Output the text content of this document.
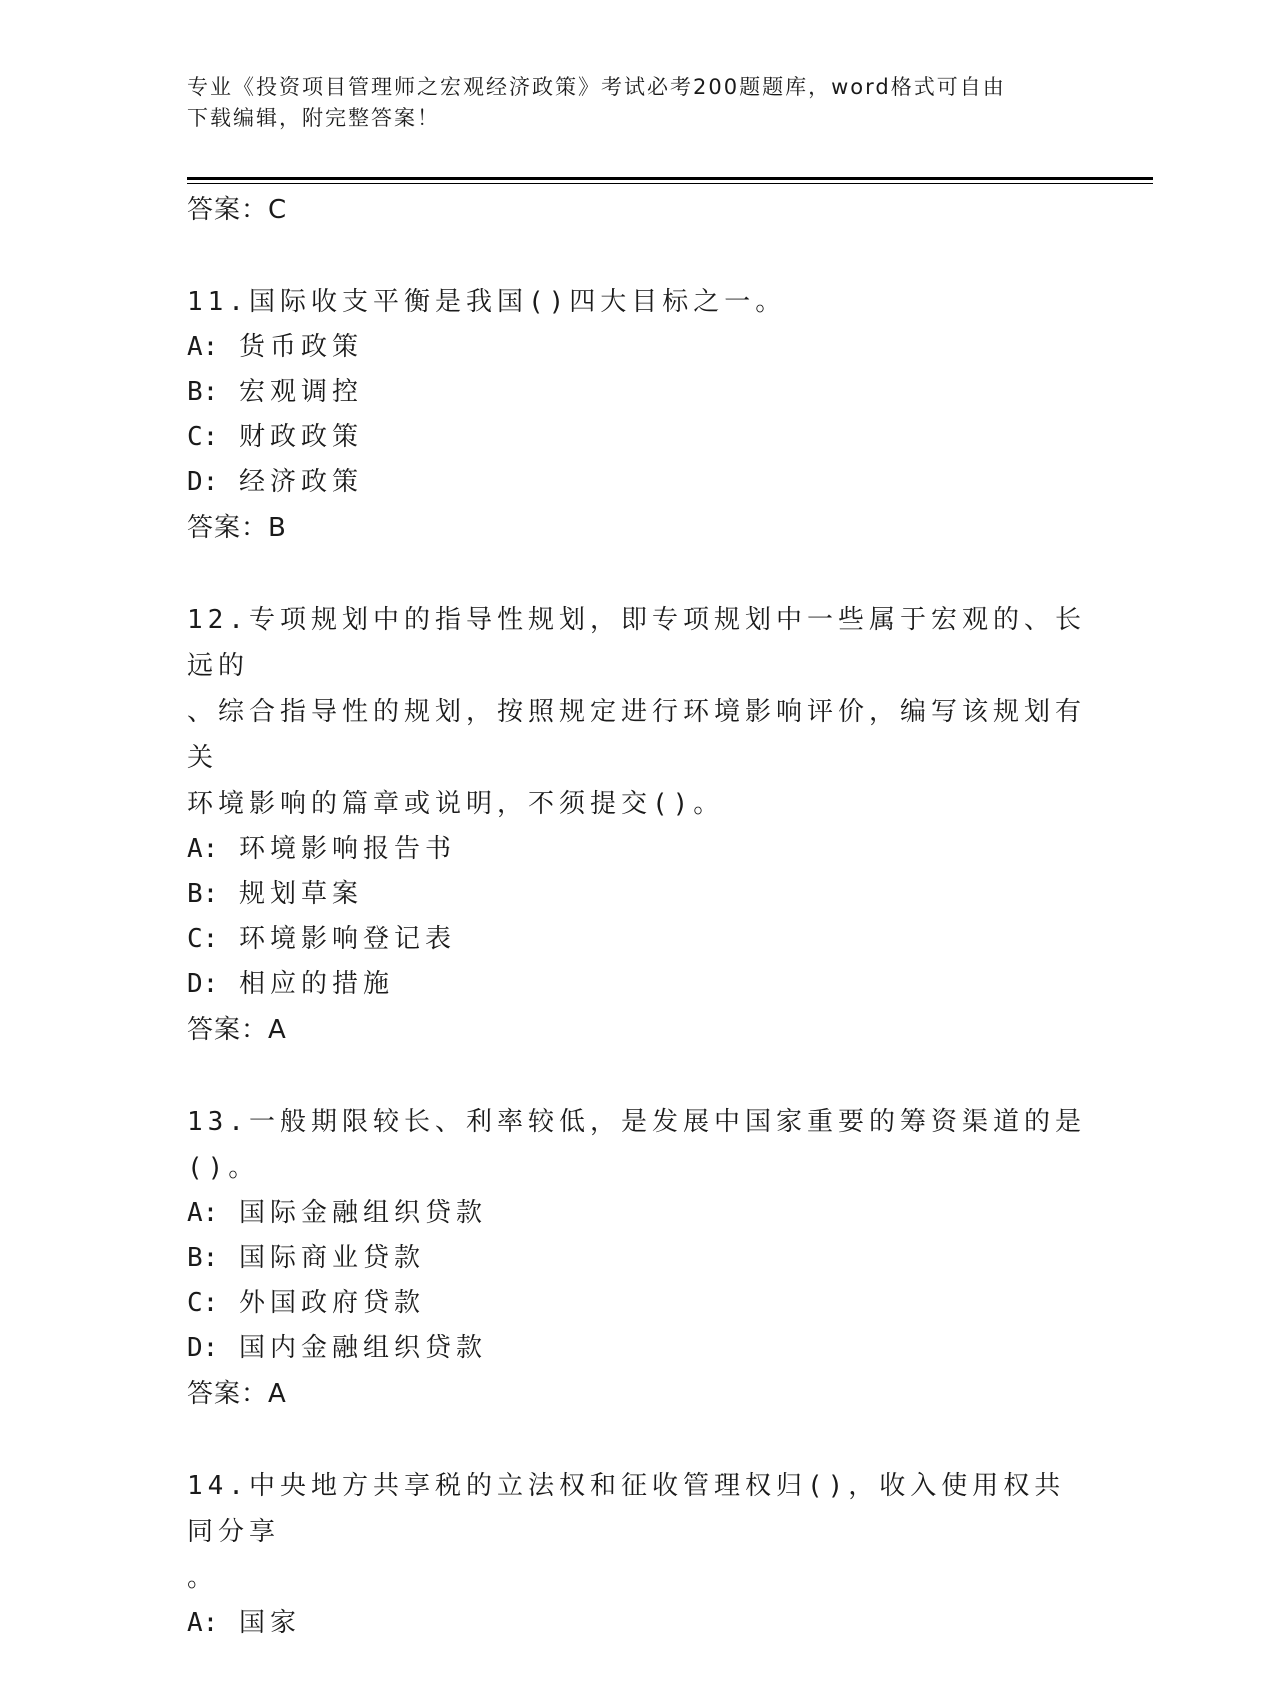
专业《投资项目管理师之宏观经济政策》考试必考200题题库，word格式可自由
下载编辑，附完整答案！
答案：C
11.国际收支平衡是我国()四大目标之一。
A: 货币政策
B: 宏观调控
C: 财政政策
D: 经济政策
答案：B
12.专项规划中的指导性规划，即专项规划中一些属于宏观的、长远的
、综合指导性的规划，按照规定进行环境影响评价，编写该规划有关
环境影响的篇章或说明，不须提交()。
A: 环境影响报告书
B: 规划草案
C: 环境影响登记表
D: 相应的措施
答案：A
13.一般期限较长、利率较低，是发展中国家重要的筹资渠道的是()。
A: 国际金融组织贷款
B: 国际商业贷款
C: 外国政府贷款
D: 国内金融组织贷款
答案：A
14.中央地方共享税的立法权和征收管理权归()，收入使用权共同分享
。
A: 国家
